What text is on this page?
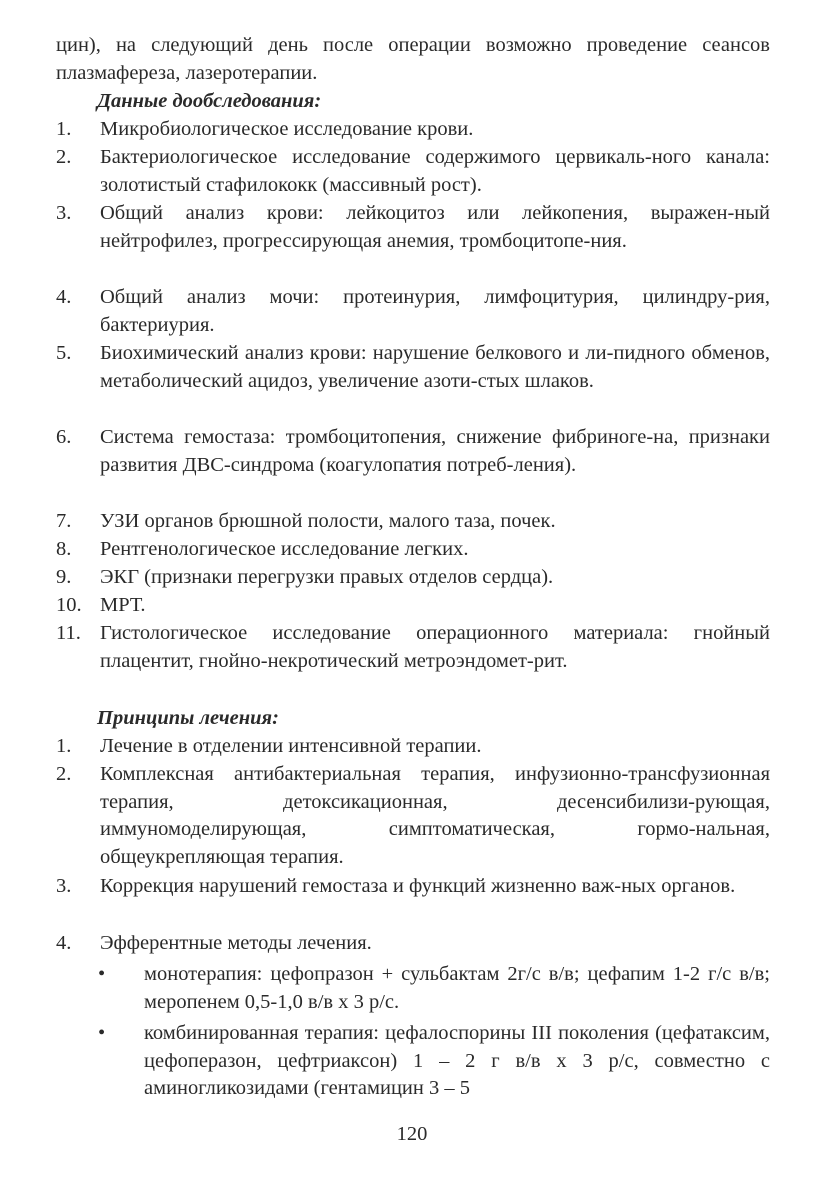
цин), на следующий день после операции возможно проведение сеансов плазмафереза, лазеротерапии.
Данные дообследования:
1. Микробиологическое исследование крови.
2. Бактериологическое исследование содержимого цервикаль-ного канала: золотистый стафилококк (массивный рост).
3. Общий анализ крови: лейкоцитоз или лейкопения, выражен-ный нейтрофилез, прогрессирующая анемия, тромбоцитопе-ния.
4. Общий анализ мочи: протеинурия, лимфоцитурия, цилиндру-рия, бактериурия.
5. Биохимический анализ крови: нарушение белкового и ли-пидного обменов, метаболический ацидоз, увеличение азоти-стых шлаков.
6. Система гемостаза: тромбоцитопения, снижение фибриноге-на, признаки развития ДВС-синдрома (коагулопатия потреб-ления).
7. УЗИ органов брюшной полости, малого таза, почек.
8. Рентгенологическое исследование легких.
9. ЭКГ (признаки перегрузки правых отделов сердца).
10. МРТ.
11. Гистологическое исследование операционного материала: гнойный плацентит, гнойно-некротический метроэндомет-рит.
Принципы лечения:
1. Лечение в отделении интенсивной терапии.
2. Комплексная антибактериальная терапия, инфузионно-трансфузионная терапия, детоксикационная, десенсибилизи-рующая, иммуномоделирующая, симптоматическая, гормо-нальная, общеукрепляющая терапия.
3. Коррекция нарушений гемостаза и функций жизненно важ-ных органов.
4. Эфферентные методы лечения.
• монотерапия: цефопразон + сульбактам 2г/с в/в; цефапим 1-2 г/с в/в; меропенем 0,5-1,0 в/в х 3 р/с.
• комбинированная терапия: цефалоспорины III поколения (цефатаксим, цефоперазон, цефтриаксон) 1 – 2 г в/в х 3 р/с, совместно с аминогликозидами (гентамицин 3 – 5
120
